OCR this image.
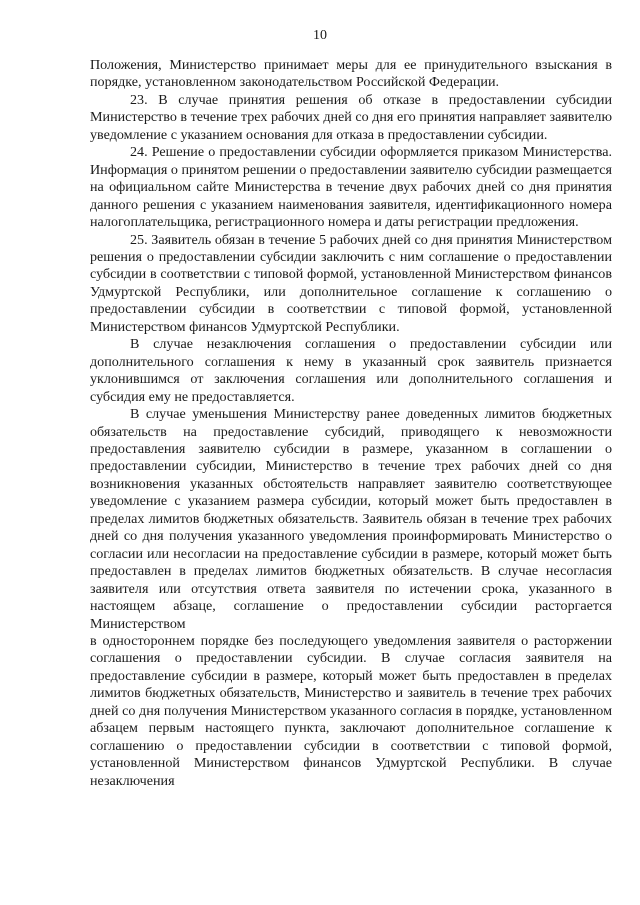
10

Положения, Министерство принимает меры для ее принудительного взыскания в порядке, установленном законодательством Российской Федерации.

23. В случае принятия решения об отказе в предоставлении субсидии Министерство в течение трех рабочих дней со дня его принятия направляет заявителю уведомление с указанием основания для отказа в предоставлении субсидии.

24. Решение о предоставлении субсидии оформляется приказом Министерства. Информация о принятом решении о предоставлении заявителю субсидии размещается на официальном сайте Министерства в течение двух рабочих дней со дня принятия данного решения с указанием наименования заявителя, идентификационного номера налогоплательщика, регистрационного номера и даты регистрации предложения.

25. Заявитель обязан в течение 5 рабочих дней со дня принятия Министерством решения о предоставлении субсидии заключить с ним соглашение о предоставлении субсидии в соответствии с типовой формой, установленной Министерством финансов Удмуртской Республики, или дополнительное соглашение к соглашению о предоставлении субсидии в соответствии с типовой формой, установленной Министерством финансов Удмуртской Республики.

В случае незаключения соглашения о предоставлении субсидии или дополнительного соглашения к нему в указанный срок заявитель признается уклонившимся от заключения соглашения или дополнительного соглашения и субсидия ему не предоставляется.

В случае уменьшения Министерству ранее доведенных лимитов бюджетных обязательств на предоставление субсидий, приводящего к невозможности предоставления заявителю субсидии в размере, указанном в соглашении о предоставлении субсидии, Министерство в течение трех рабочих дней со дня возникновения указанных обстоятельств направляет заявителю соответствующее уведомление с указанием размера субсидии, который может быть предоставлен в пределах лимитов бюджетных обязательств. Заявитель обязан в течение трех рабочих дней со дня получения указанного уведомления проинформировать Министерство о согласии или несогласии на предоставление субсидии в размере, который может быть предоставлен в пределах лимитов бюджетных обязательств. В случае несогласия заявителя или отсутствия ответа заявителя по истечении срока, указанного в настоящем абзаце, соглашение о предоставлении субсидии расторгается Министерством

в одностороннем порядке без последующего уведомления заявителя о расторжении соглашения о предоставлении субсидии. В случае согласия заявителя на предоставление субсидии в размере, который может быть предоставлен в пределах лимитов бюджетных обязательств, Министерство и заявитель в течение трех рабочих дней со дня получения Министерством указанного согласия в порядке, установленном абзацем первым настоящего пункта, заключают дополнительное соглашение к соглашению о предоставлении субсидии в соответствии с типовой формой, установленной Министерством финансов Удмуртской Республики. В случае незаключения
